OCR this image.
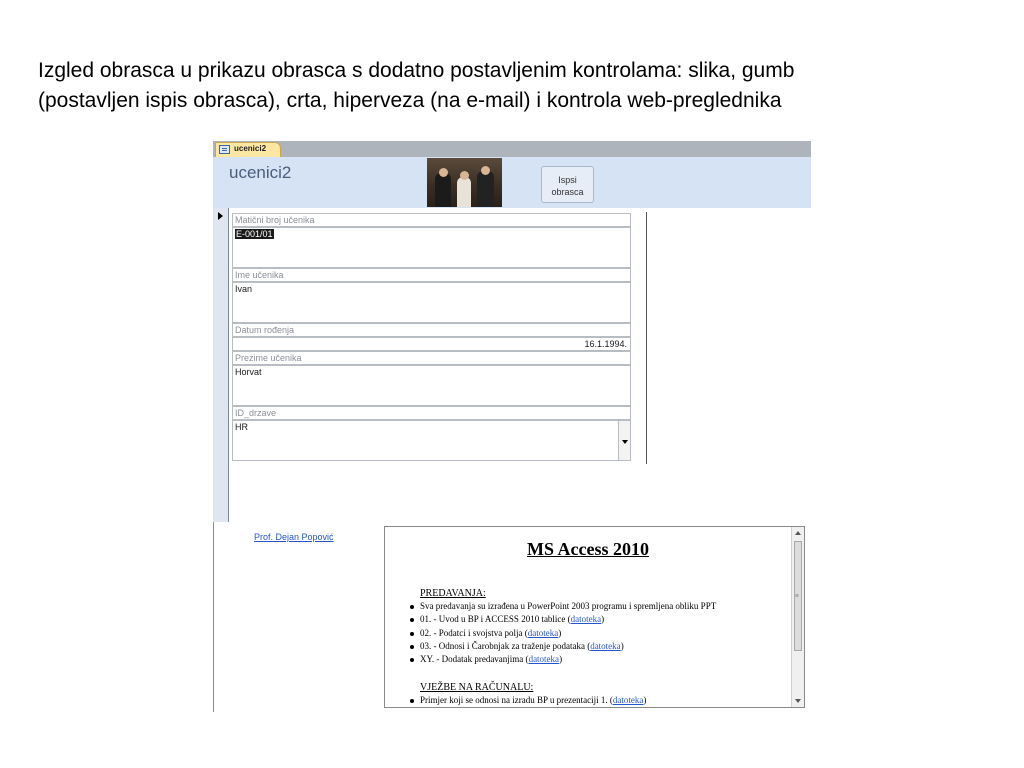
Izgled obrasca u prikazu obrasca s dodatno postavljenim kontrolama: slika, gumb
(postavljen ispis obrasca), crta, hiperveza (na e-mail) i kontrola web-preglednika
ucenici2
ucenici2	Ispsi
obrasca
Matični broj učenika
E-001/01
Ime učenika
Ivan
Datum rođenja
16.1.1994.
Prezime učenika
Horvat
ID_drzave
HR
Prof. Dejan Popović
MS Access 2010
PREDAVANJA:
Sva predavanja su izrađena u PowerPoint 2003 programu i spremljena obliku PPT
01. - Uvod u BP i ACCESS 2010 tablice (datoteka)
02. - Podatci i svojstva polja (datoteka)
03. - Odnosi i Čarobnjak za traženje podataka (datoteka)
XY. - Dodatak predavanjima (datoteka)
VJEŽBE NA RAČUNALU:
Primjer koji se odnosi na izradu BP u prezentaciji 1. (datoteka)
≡
